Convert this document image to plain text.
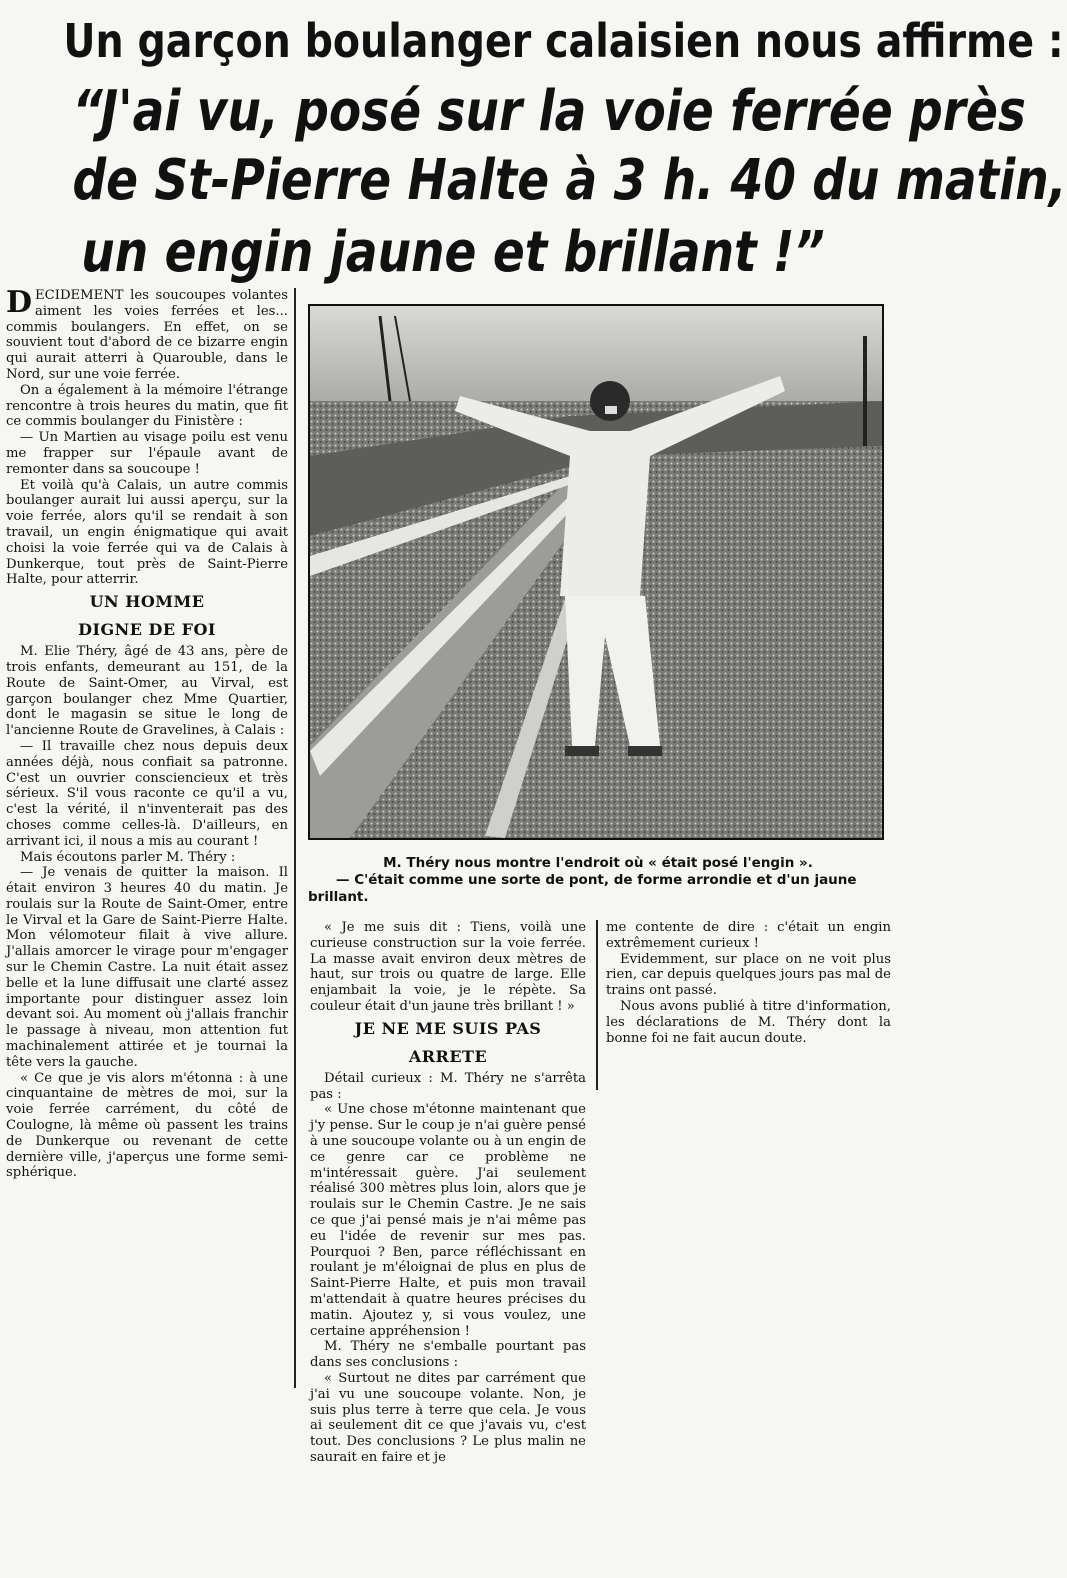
Un garçon boulanger calaisien nous affirme :
“J'ai vu, posé sur la voie ferrée près
de St-Pierre Halte à 3 h. 40 du matin,
un engin jaune et brillant !”

DECIDEMENT les soucoupes volantes aiment les voies ferrées et les... commis boulangers. En effet, on se souvient tout d'abord de ce bizarre engin qui aurait atterri à Quarouble, dans le Nord, sur une voie ferrée.

On a également à la mémoire l'étrange rencontre à trois heures du matin, que fit ce commis boulanger du Finistère :

— Un Martien au visage poilu est venu me frapper sur l'épaule avant de remonter dans sa soucoupe !

Et voilà qu'à Calais, un autre commis boulanger aurait lui aussi aperçu, sur la voie ferrée, alors qu'il se rendait à son travail, un engin énigmatique qui avait choisi la voie ferrée qui va de Calais à Dunkerque, tout près de Saint-Pierre Halte, pour atterrir.

UN HOMME
DIGNE DE FOI

M. Elie Théry, âgé de 43 ans, père de trois enfants, demeurant au 151, de la Route de Saint-Omer, au Virval, est garçon boulanger chez Mme Quartier, dont le magasin se situe le long de l'ancienne Route de Gravelines, à Calais :

— Il travaille chez nous depuis deux années déjà, nous confiait sa patronne. C'est un ouvrier consciencieux et très sérieux. S'il vous raconte ce qu'il a vu, c'est la vérité, il n'inventerait pas des choses comme celles-là. D'ailleurs, en arrivant ici, il nous a mis au courant !

Mais écoutons parler M. Théry :

— Je venais de quitter la maison. Il était environ 3 heures 40 du matin. Je roulais sur la Route de Saint-Omer, entre le Virval et la Gare de Saint-Pierre Halte. Mon vélomoteur filait à vive allure. J'allais amorcer le virage pour m'engager sur le Chemin Castre. La nuit était assez belle et la lune diffusait une clarté assez importante pour distinguer assez loin devant soi. Au moment où j'allais franchir le passage à niveau, mon attention fut machinalement attirée et je tournai la tête vers la gauche.

« Ce que je vis alors m'étonna : à une cinquantaine de mètres de moi, sur la voie ferrée carrément, du côté de Coulogne, là même où passent les trains de Dunkerque ou revenant de cette dernière ville, j'aperçus une forme semi-sphérique.

M. Théry nous montre l'endroit où « était posé l'engin ».

— C'était comme une sorte de pont, de forme arrondie et d'un jaune brillant.

« Je me suis dit : Tiens, voilà une curieuse construction sur la voie ferrée. La masse avait environ deux mètres de haut, sur trois ou quatre de large. Elle enjambait la voie, je le répète. Sa couleur était d'un jaune très brillant ! »

JE NE ME SUIS PAS
ARRETE

Détail curieux : M. Théry ne s'arrêta pas :

« Une chose m'étonne maintenant que j'y pense. Sur le coup je n'ai guère pensé à une soucoupe volante ou à un engin de ce genre car ce problème ne m'intéressait guère. J'ai seulement réalisé 300 mètres plus loin, alors que je roulais sur le Chemin Castre. Je ne sais ce que j'ai pensé mais je n'ai même pas eu l'idée de revenir sur mes pas. Pourquoi ? Ben, parce réfléchissant en roulant je m'éloignai de plus en plus de Saint-Pierre Halte, et puis mon travail m'attendait à quatre heures précises du matin. Ajoutez y, si vous voulez, une certaine appréhension !

M. Théry ne s'emballe pourtant pas dans ses conclusions :

« Surtout ne dites par carrément que j'ai vu une soucoupe volante. Non, je suis plus terre à terre que cela. Je vous ai seulement dit ce que j'avais vu, c'est tout. Des conclusions ? Le plus malin ne saurait en faire et je

me contente de dire : c'était un engin extrêmement curieux !

Evidemment, sur place on ne voit plus rien, car depuis quelques jours pas mal de trains ont passé.

Nous avons publié à titre d'information, les déclarations de M. Théry dont la bonne foi ne fait aucun doute.
